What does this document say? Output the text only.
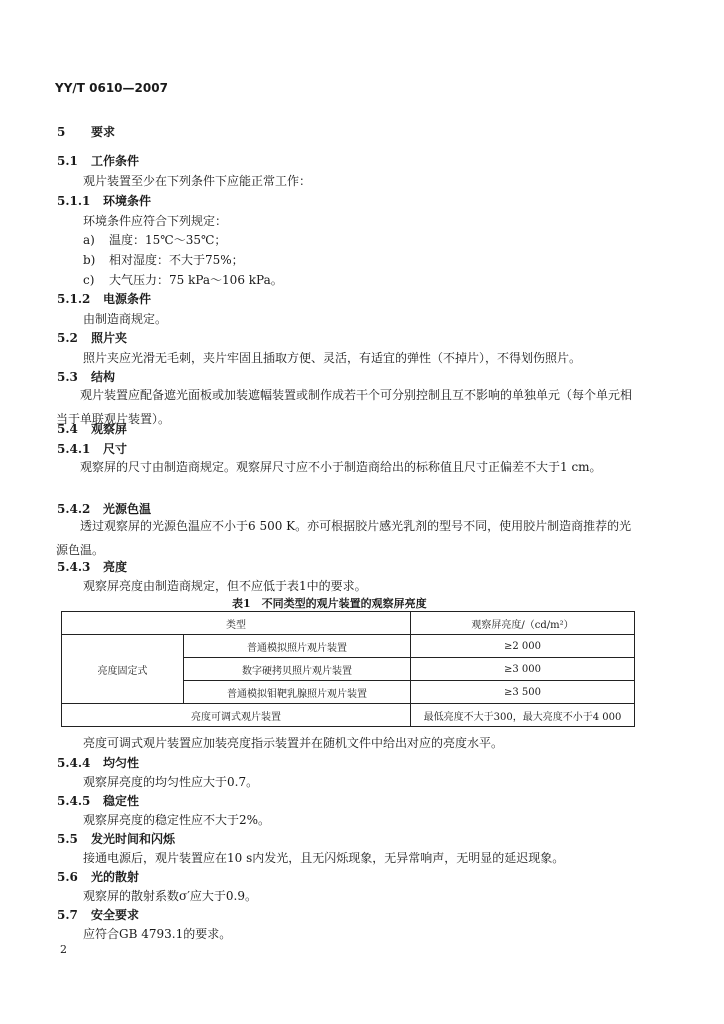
YY/T 0610—2007
5 要求
5.1 工作条件
观片装置至少在下列条件下应能正常工作：
5.1.1 环境条件
环境条件应符合下列规定：
a) 温度：15℃～35℃；
b) 相对湿度：不大于75%；
c) 大气压力：75 kPa～106 kPa。
5.1.2 电源条件
由制造商规定。
5.2 照片夹
照片夹应光滑无毛刺，夹片牢固且插取方便、灵活，有适宜的弹性（不掉片），不得划伤照片。
5.3 结构
观片装置应配备遮光面板或加装遮幅装置或制作成若干个可分别控制且互不影响的单独单元（每个单元相当于单联观片装置）。
5.4 观察屏
5.4.1 尺寸
观察屏的尺寸由制造商规定。观察屏尺寸应不小于制造商给出的标称值且尺寸正偏差不大于1 cm。
5.4.2 光源色温
透过观察屏的光源色温应不小于6 500 K。亦可根据胶片感光乳剂的型号不同，使用胶片制造商推荐的光源色温。
5.4.3 亮度
观察屏亮度由制造商规定，但不应低于表1中的要求。
表1　不同类型的观片装置的观察屏亮度
类型		观察屏亮度/（cd/m²）
亮度固定式	普通模拟照片观片装置	≥2 000
	数字硬拷贝照片观片装置	≥3 000
	普通模拟钼靶乳腺照片观片装置	≥3 500
亮度可调式观片装置		最低亮度不大于300，最大亮度不小于4 000
亮度可调式观片装置应加装亮度指示装置并在随机文件中给出对应的亮度水平。
5.4.4 均匀性
观察屏亮度的均匀性应大于0.7。
5.4.5 稳定性
观察屏亮度的稳定性应不大于2%。
5.5 发光时间和闪烁
接通电源后，观片装置应在10 s内发光，且无闪烁现象，无异常响声，无明显的延迟现象。
5.6 光的散射
观察屏的散射系数σ′应大于0.9。
5.7 安全要求
应符合GB 4793.1的要求。
2
